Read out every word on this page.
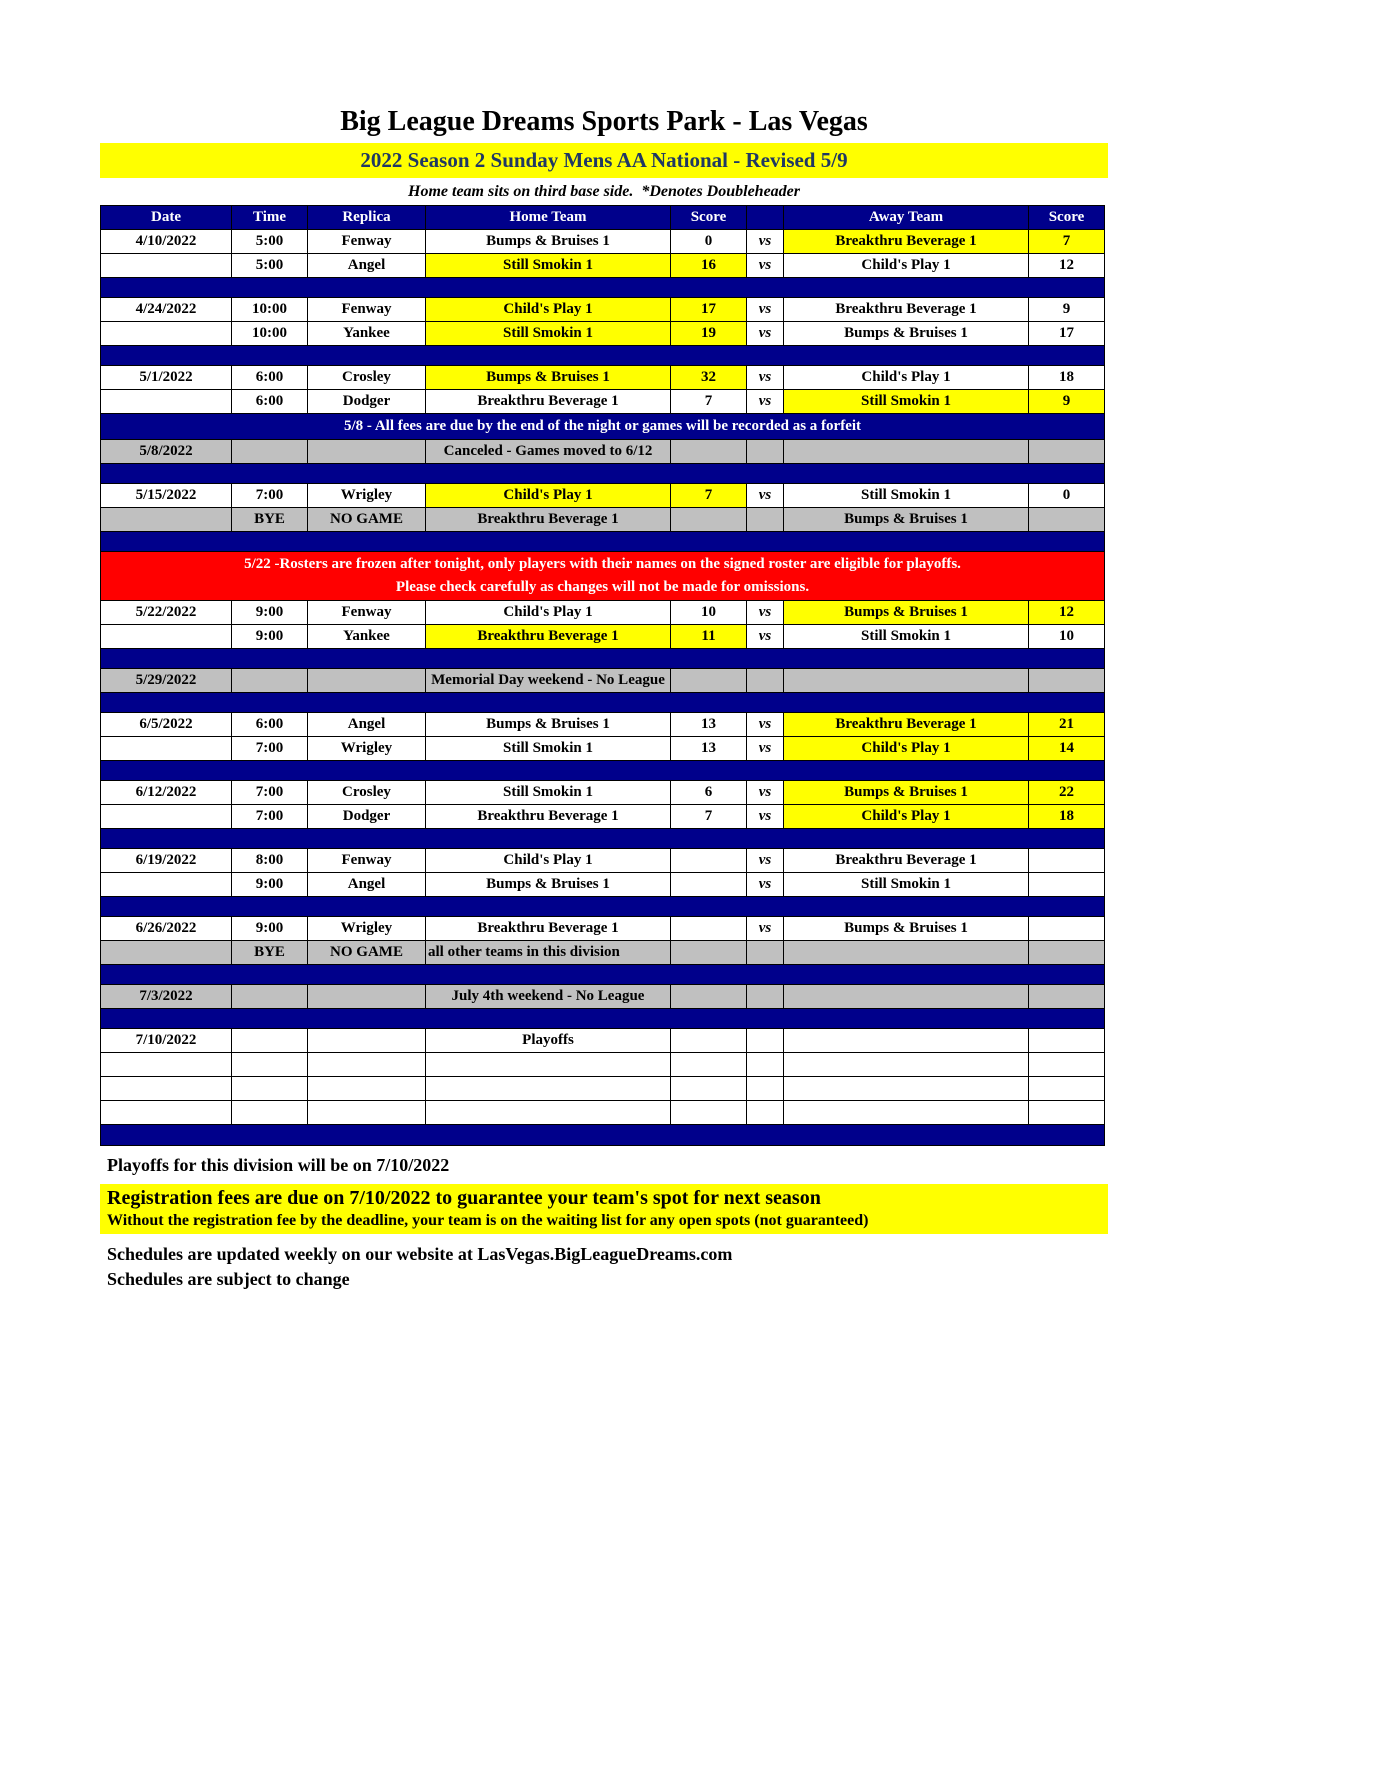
Big League Dreams Sports Park - Las Vegas
2022 Season 2 Sunday Mens AA National - Revised 5/9
Home team sits on third base side.  *Denotes Doubleheader
Date	Time	Replica	Home Team	Score		Away Team	Score
4/10/2022	5:00	Fenway	Bumps & Bruises 1	0	vs	Breakthru Beverage 1	7
	5:00	Angel	Still Smokin 1	16	vs	Child's Play 1	12

4/24/2022	10:00	Fenway	Child's Play 1	17	vs	Breakthru Beverage 1	9
	10:00	Yankee	Still Smokin 1	19	vs	Bumps & Bruises 1	17

5/1/2022	6:00	Crosley	Bumps & Bruises 1	32	vs	Child's Play 1	18
	6:00	Dodger	Breakthru Beverage 1	7	vs	Still Smokin 1	9

5/8 - All fees are due by the end of the night or games will be recorded as a forfeit							

5/8/2022			Canceled - Games moved to 6/12				

5/15/2022	7:00	Wrigley	Child's Play 1	7	vs	Still Smokin 1	0
	BYE	NO GAME	Breakthru Beverage 1			Bumps & Bruises 1	

5/22 -Rosters are frozen after tonight, only players with their names on the signed roster are eligible for playoffs.
Please check carefully as changes will not be made for omissions.							

5/22/2022	9:00	Fenway	Child's Play 1	10	vs	Bumps & Bruises 1	12
	9:00	Yankee	Breakthru Beverage 1	11	vs	Still Smokin 1	10

5/29/2022			Memorial Day weekend - No League				

6/5/2022	6:00	Angel	Bumps & Bruises 1	13	vs	Breakthru Beverage 1	21
	7:00	Wrigley	Still Smokin 1	13	vs	Child's Play 1	14

6/12/2022	7:00	Crosley	Still Smokin 1	6	vs	Bumps & Bruises 1	22
	7:00	Dodger	Breakthru Beverage 1	7	vs	Child's Play 1	18

6/19/2022	8:00	Fenway	Child's Play 1		vs	Breakthru Beverage 1	
	9:00	Angel	Bumps & Bruises 1		vs	Still Smokin 1	

6/26/2022	9:00	Wrigley	Breakthru Beverage 1		vs	Bumps & Bruises 1	
	BYE	NO GAME	all other teams in this division				

7/3/2022			July 4th weekend - No League				

7/10/2022			Playoffs				

Playoffs for this division will be on 7/10/2022
Registration fees are due on 7/10/2022 to guarantee your team's spot for next season
Without the registration fee by the deadline, your team is on the waiting list for any open spots (not guaranteed)
Schedules are updated weekly on our website at LasVegas.BigLeagueDreams.com
Schedules are subject to change
